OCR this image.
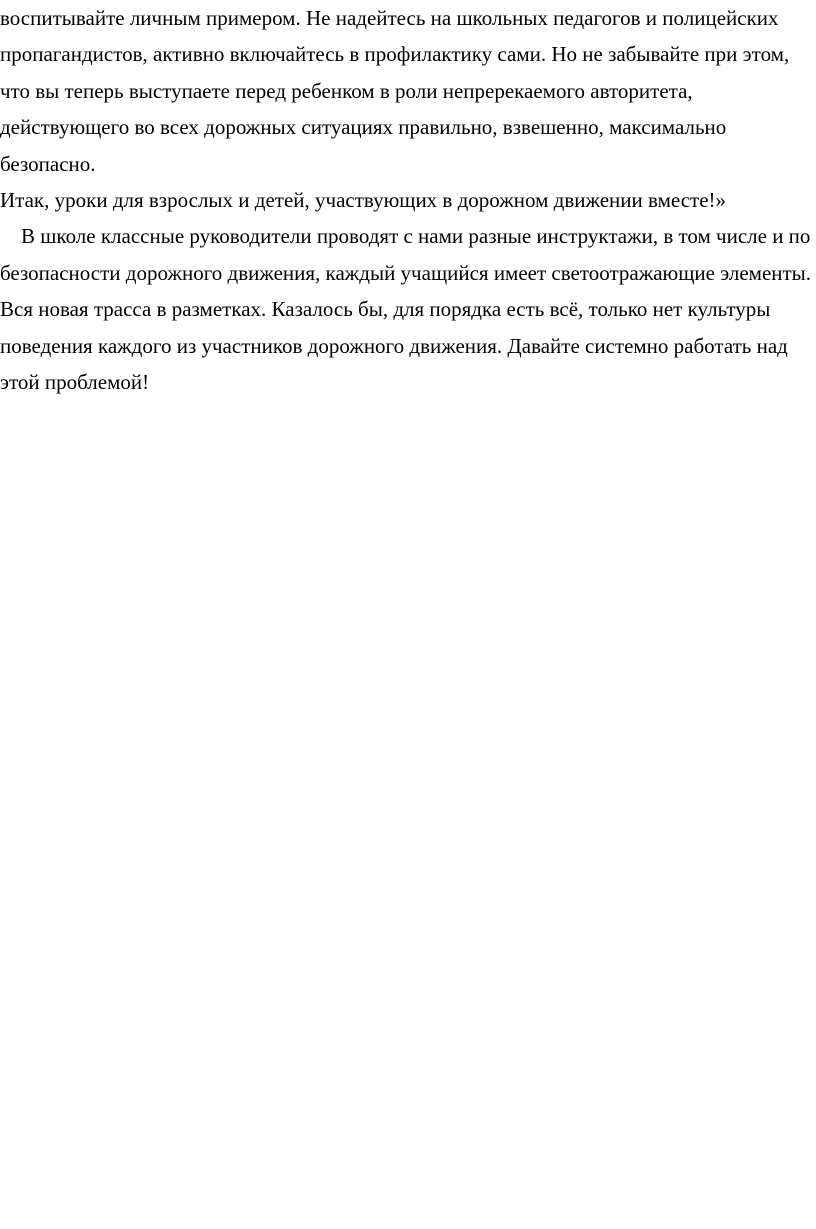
воспитывайте личным примером. Не надейтесь на школьных педагогов и полицейских
пропагандистов, активно включайтесь в профилактику сами. Но не забывайте при этом,
что вы теперь выступаете перед ребенком в роли непререкаемого авторитета,
действующего во всех дорожных ситуациях правильно, взвешенно, максимально
безопасно.
Итак, уроки для взрослых и детей, участвующих в дорожном движении вместе!»
В школе классные руководители проводят с нами разные инструктажи, в том числе и по
безопасности дорожного движения, каждый учащийся имеет светоотражающие элементы.
Вся новая трасса в разметках. Казалось бы, для порядка есть всё, только нет культуры
поведения каждого из участников дорожного движения. Давайте системно работать над
этой проблемой!
